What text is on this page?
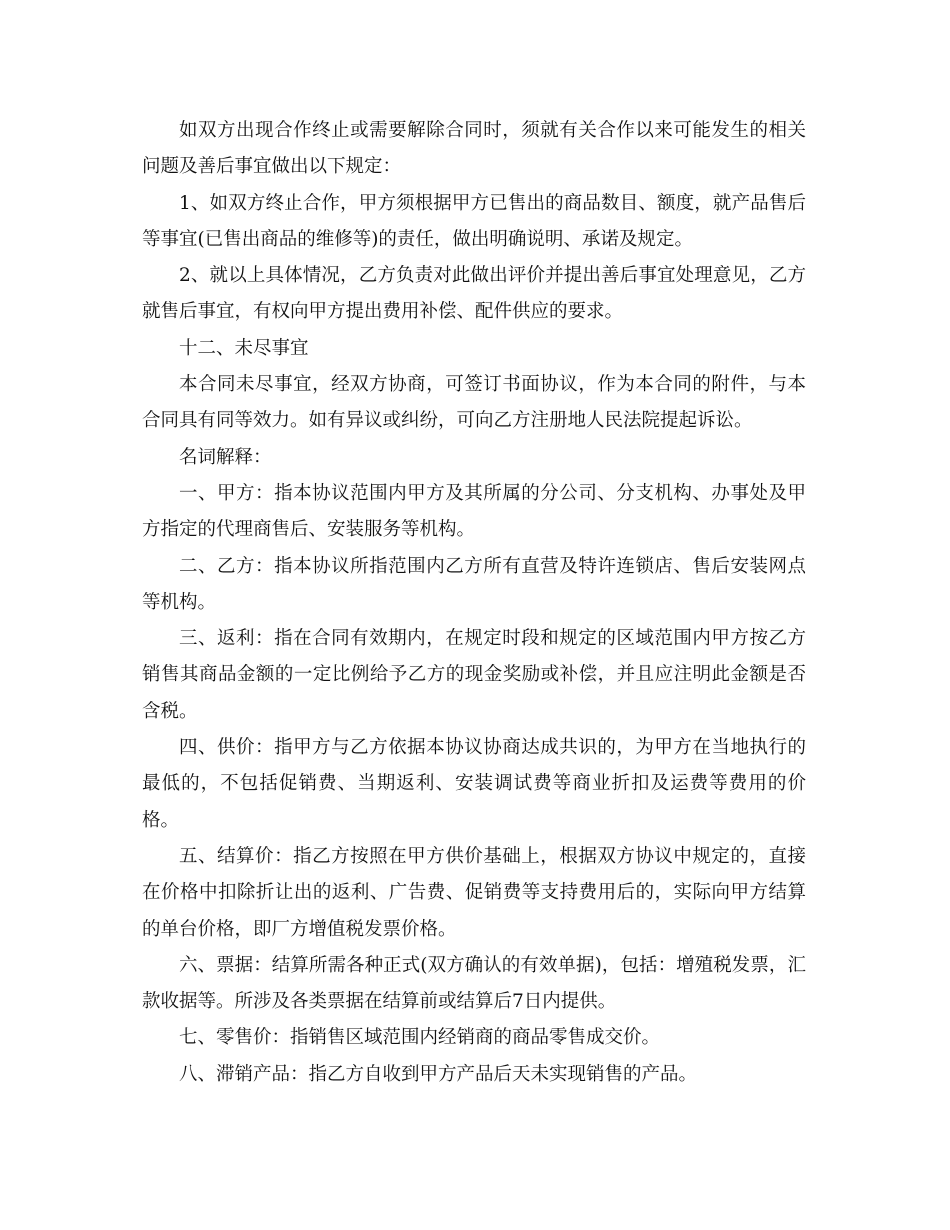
如双方出现合作终止或需要解除合同时，须就有关合作以来可能发生的相关问题及善后事宜做出以下规定：

1、如双方终止合作，甲方须根据甲方已售出的商品数目、额度，就产品售后等事宜(已售出商品的维修等)的责任，做出明确说明、承诺及规定。

2、就以上具体情况，乙方负责对此做出评价并提出善后事宜处理意见，乙方就售后事宜，有权向甲方提出费用补偿、配件供应的要求。

十二、未尽事宜

本合同未尽事宜，经双方协商，可签订书面协议，作为本合同的附件，与本合同具有同等效力。如有异议或纠纷，可向乙方注册地人民法院提起诉讼。

名词解释：

一、甲方：指本协议范围内甲方及其所属的分公司、分支机构、办事处及甲方指定的代理商售后、安装服务等机构。

二、乙方：指本协议所指范围内乙方所有直营及特许连锁店、售后安装网点等机构。

三、返利：指在合同有效期内，在规定时段和规定的区域范围内甲方按乙方销售其商品金额的一定比例给予乙方的现金奖励或补偿，并且应注明此金额是否含税。

四、供价：指甲方与乙方依据本协议协商达成共识的，为甲方在当地执行的最低的，不包括促销费、当期返利、安装调试费等商业折扣及运费等费用的价格。

五、结算价：指乙方按照在甲方供价基础上，根据双方协议中规定的，直接在价格中扣除折让出的返利、广告费、促销费等支持费用后的，实际向甲方结算的单台价格，即厂方增值税发票价格。

六、票据：结算所需各种正式(双方确认的有效单据)，包括：增殖税发票，汇款收据等。所涉及各类票据在结算前或结算后7日内提供。

七、零售价：指销售区域范围内经销商的商品零售成交价。

八、滞销产品：指乙方自收到甲方产品后天未实现销售的产品。
